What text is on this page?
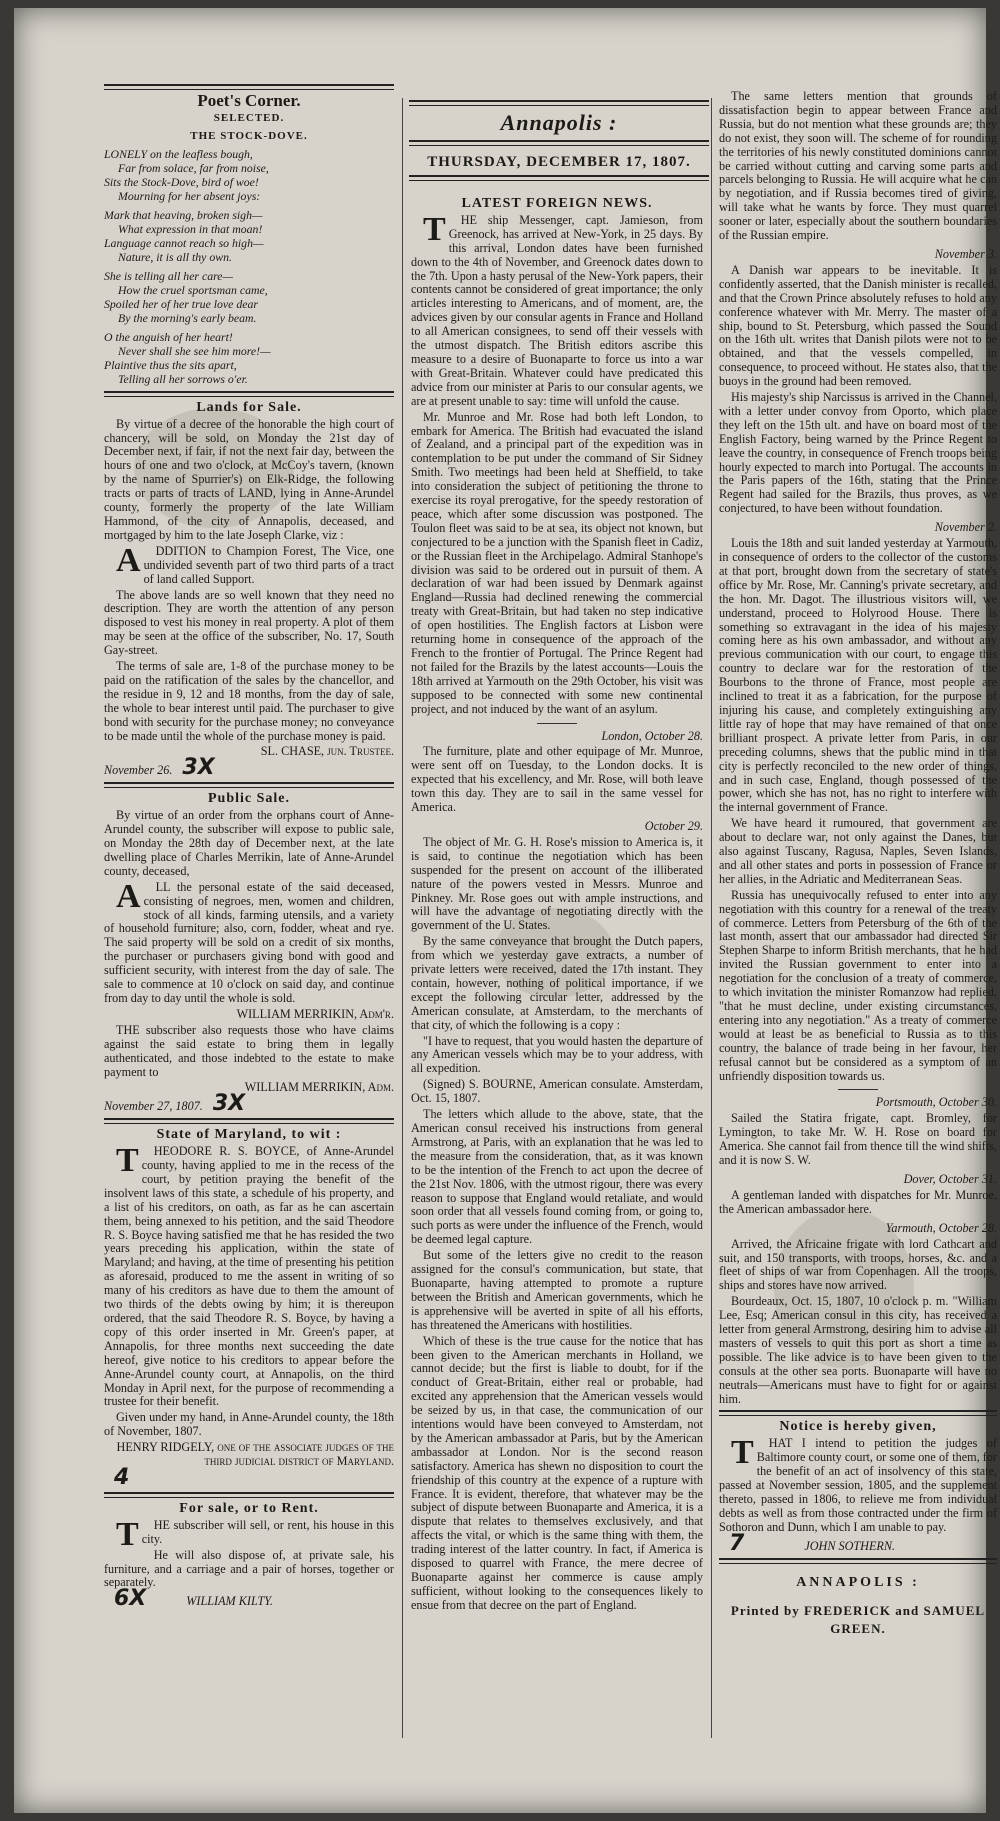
Poet's Corner.
SELECTED.
THE STOCK-DOVE.

LONELY on the leafless bough,

Far from solace, far from noise,

Sits the Stock-Dove, bird of woe!

Mourning for her absent joys:

Mark that heaving, broken sigh—

What expression in that moan!

Language cannot reach so high—

Nature, it is all thy own.

She is telling all her care—

How the cruel sportsman came,

Spoiled her of her true love dear

By the morning's early beam.

O the anguish of her heart!

Never shall she see him more!—

Plaintive thus the sits apart,

Telling all her sorrows o'er.

Lands for Sale.

By virtue of a decree of the honorable the high court of chancery, will be sold, on Monday the 21st day of December next, if fair, if not the next fair day, between the hours of one and two o'clock, at McCoy's tavern, (known by the name of Spurrier's) on Elk-Ridge, the following tracts or parts of tracts of LAND, lying in Anne-Arundel county, formerly the property of the late William Hammond, of the city of Annapolis, deceased, and mortgaged by him to the late Joseph Clarke, viz :

ADDITION to Champion Forest, The Vice, one undivided seventh part of two third parts of a tract of land called Support.

The above lands are so well known that they need no description. They are worth the attention of any person disposed to vest his money in real property. A plot of them may be seen at the office of the subscriber, No. 17, South Gay-street.

The terms of sale are, 1-8 of the purchase money to be paid on the ratification of the sales by the chancellor, and the residue in 9, 12 and 18 months, from the day of sale, the whole to bear interest until paid. The purchaser to give bond with security for the purchase money; no conveyance to be made until the whole of the purchase money is paid.

SL. CHASE, jun. Trustee.
November 26. 3X
Public Sale.

By virtue of an order from the orphans court of Anne-Arundel county, the subscriber will expose to public sale, on Monday the 28th day of December next, at the late dwelling place of Charles Merrikin, late of Anne-Arundel county, deceased,

ALL the personal estate of the said deceased, consisting of negroes, men, women and children, stock of all kinds, farming utensils, and a variety of household furniture; also, corn, fodder, wheat and rye. The said property will be sold on a credit of six months, the purchaser or purchasers giving bond with good and sufficient security, with interest from the day of sale. The sale to commence at 10 o'clock on said day, and continue from day to day until the whole is sold.

WILLIAM MERRIKIN, Adm'r.

THE subscriber also requests those who have claims against the said estate to bring them in legally authenticated, and those indebted to the estate to make payment to

WILLIAM MERRIKIN, Adm.
November 27, 1807. 3X
State of Maryland, to wit :

THEODORE R. S. BOYCE, of Anne-Arundel county, having applied to me in the recess of the court, by petition praying the benefit of the insolvent laws of this state, a schedule of his property, and a list of his creditors, on oath, as far as he can ascertain them, being annexed to his petition, and the said Theodore R. S. Boyce having satisfied me that he has resided the two years preceding his application, within the state of Maryland; and having, at the time of presenting his petition as aforesaid, produced to me the assent in writing of so many of his creditors as have due to them the amount of two thirds of the debts owing by him; it is thereupon ordered, that the said Theodore R. S. Boyce, by having a copy of this order inserted in Mr. Green's paper, at Annapolis, for three months next succeeding the date hereof, give notice to his creditors to appear before the Anne-Arundel county court, at Annapolis, on the third Monday in April next, for the purpose of recommending a trustee for their benefit.

Given under my hand, in Anne-Arundel county, the 18th of November, 1807.

HENRY RIDGELY, one of the associate judges of the third judicial district of Maryland.
4
For sale, or to Rent.

THE subscriber will sell, or rent, his house in this city.

He will also dispose of, at private sale, his furniture, and a carriage and a pair of horses, together or separately.

6X	WILLIAM KILTY.
Annapolis :
THURSDAY, DECEMBER 17, 1807.
LATEST FOREIGN NEWS.

THE ship Messenger, capt. Jamieson, from Greenock, has arrived at New-York, in 25 days. By this arrival, London dates have been furnished down to the 4th of November, and Greenock dates down to the 7th. Upon a hasty perusal of the New-York papers, their contents cannot be considered of great importance; the only articles interesting to Americans, and of moment, are, the advices given by our consular agents in France and Holland to all American consignees, to send off their vessels with the utmost dispatch. The British editors ascribe this measure to a desire of Buonaparte to force us into a war with Great-Britain. Whatever could have predicated this advice from our minister at Paris to our consular agents, we are at present unable to say: time will unfold the cause.

Mr. Munroe and Mr. Rose had both left London, to embark for America. The British had evacuated the island of Zealand, and a principal part of the expedition was in contemplation to be put under the command of Sir Sidney Smith. Two meetings had been held at Sheffield, to take into consideration the subject of petitioning the throne to exercise its royal prerogative, for the speedy restoration of peace, which after some discussion was postponed. The Toulon fleet was said to be at sea, its object not known, but conjectured to be a junction with the Spanish fleet in Cadiz, or the Russian fleet in the Archipelago. Admiral Stanhope's division was said to be ordered out in pursuit of them. A declaration of war had been issued by Denmark against England—Russia had declined renewing the commercial treaty with Great-Britain, but had taken no step indicative of open hostilities. The English factors at Lisbon were returning home in consequence of the approach of the French to the frontier of Portugal. The Prince Regent had not failed for the Brazils by the latest accounts—Louis the 18th arrived at Yarmouth on the 29th October, his visit was supposed to be connected with some new continental project, and not induced by the want of an asylum.

London, October 28.

The furniture, plate and other equipage of Mr. Munroe, were sent off on Tuesday, to the London docks. It is expected that his excellency, and Mr. Rose, will both leave town this day. They are to sail in the same vessel for America.

October 29.

The object of Mr. G. H. Rose's mission to America is, it is said, to continue the negotiation which has been suspended for the present on account of the illiberated nature of the powers vested in Messrs. Munroe and Pinkney. Mr. Rose goes out with ample instructions, and will have the advantage of negotiating directly with the government of the U. States.

By the same conveyance that brought the Dutch papers, from which we yesterday gave extracts, a number of private letters were received, dated the 17th instant. They contain, however, nothing of political importance, if we except the following circular letter, addressed by the American consulate, at Amsterdam, to the merchants of that city, of which the following is a copy :

"I have to request, that you would hasten the departure of any American vessels which may be to your address, with all expedition.

(Signed) S. BOURNE, American consulate. Amsterdam, Oct. 15, 1807.

The letters which allude to the above, state, that the American consul received his instructions from general Armstrong, at Paris, with an explanation that he was led to the measure from the consideration, that, as it was known to be the intention of the French to act upon the decree of the 21st Nov. 1806, with the utmost rigour, there was every reason to suppose that England would retaliate, and would soon order that all vessels found coming from, or going to, such ports as were under the influence of the French, would be deemed legal capture.

But some of the letters give no credit to the reason assigned for the consul's communication, but state, that Buonaparte, having attempted to promote a rupture between the British and American governments, which he is apprehensive will be averted in spite of all his efforts, has threatened the Americans with hostilities.

Which of these is the true cause for the notice that has been given to the American merchants in Holland, we cannot decide; but the first is liable to doubt, for if the conduct of Great-Britain, either real or probable, had excited any apprehension that the American vessels would be seized by us, in that case, the communication of our intentions would have been conveyed to Amsterdam, not by the American ambassador at Paris, but by the American ambassador at London. Nor is the second reason satisfactory. America has shewn no disposition to court the friendship of this country at the expence of a rupture with France. It is evident, therefore, that whatever may be the subject of dispute between Buonaparte and America, it is a dispute that relates to themselves exclusively, and that affects the vital, or which is the same thing with them, the trading interest of the latter country. In fact, if America is disposed to quarrel with France, the mere decree of Buonaparte against her commerce is cause amply sufficient, without looking to the consequences likely to ensue from that decree on the part of England.

The same letters mention that grounds of dissatisfaction begin to appear between France and Russia, but do not mention what these grounds are; they do not exist, they soon will. The scheme of for rounding the territories of his newly constituted dominions cannot be carried without cutting and carving some parts and parcels belonging to Russia. He will acquire what he can by negotiation, and if Russia becomes tired of giving, will take what he wants by force. They must quarrel sooner or later, especially about the southern boundaries of the Russian empire.

November 3.

A Danish war appears to be inevitable. It is confidently asserted, that the Danish minister is recalled, and that the Crown Prince absolutely refuses to hold any conference whatever with Mr. Merry. The master of a ship, bound to St. Petersburg, which passed the Sound on the 16th ult. writes that Danish pilots were not to be obtained, and that the vessels compelled, in consequence, to proceed without. He states also, that the buoys in the ground had been removed.

His majesty's ship Narcissus is arrived in the Channel, with a letter under convoy from Oporto, which place they left on the 15th ult. and have on board most of the English Factory, being warned by the Prince Regent to leave the country, in consequence of French troops being hourly expected to march into Portugal. The accounts in the Paris papers of the 16th, stating that the Prince Regent had sailed for the Brazils, thus proves, as we conjectured, to have been without foundation.

November 2.

Louis the 18th and suit landed yesterday at Yarmouth, in consequence of orders to the collector of the customs at that port, brought down from the secretary of state's office by Mr. Rose, Mr. Canning's private secretary, and the hon. Mr. Dagot. The illustrious visitors will, we understand, proceed to Holyrood House. There is something so extravagant in the idea of his majesty coming here as his own ambassador, and without any previous communication with our court, to engage this country to declare war for the restoration of the Bourbons to the throne of France, most people are inclined to treat it as a fabrication, for the purpose of injuring his cause, and completely extinguishing any little ray of hope that may have remained of that once brilliant prospect. A private letter from Paris, in our preceding columns, shews that the public mind in that city is perfectly reconciled to the new order of things, and in such case, England, though possessed of the power, which she has not, has no right to interfere with the internal government of France.

We have heard it rumoured, that government are about to declare war, not only against the Danes, but also against Tuscany, Ragusa, Naples, Seven Islands, and all other states and ports in possession of France or her allies, in the Adriatic and Mediterranean Seas.

Russia has unequivocally refused to enter into any negotiation with this country for a renewal of the treaty of commerce. Letters from Petersburg of the 6th of the last month, assert that our ambassador had directed Sir Stephen Sharpe to inform British merchants, that he had invited the Russian government to enter into a negotiation for the conclusion of a treaty of commerce, to which invitation the minister Romanzow had replied, "that he must decline, under existing circumstances, entering into any negotiation." As a treaty of commerce would at least be as beneficial to Russia as to this country, the balance of trade being in her favour, her refusal cannot but be considered as a symptom of an unfriendly disposition towards us.

Portsmouth, October 30.

Sailed the Statira frigate, capt. Bromley, for Lymington, to take Mr. W. H. Rose on board for America. She cannot fail from thence till the wind shifts, and it is now S. W.

Dover, October 31.

A gentleman landed with dispatches for Mr. Munroe, the American ambassador here.

Yarmouth, October 28.

Arrived, the Africaine frigate with lord Cathcart and suit, and 150 transports, with troops, horses, &c. and a fleet of ships of war from Copenhagen. All the troops, ships and stores have now arrived.

Bourdeaux, Oct. 15, 1807, 10 o'clock p. m. "William Lee, Esq; American consul in this city, has received a letter from general Armstrong, desiring him to advise all masters of vessels to quit this port as short a time as possible. The like advice is to have been given to the consuls at the other sea ports. Buonaparte will have no neutrals—Americans must have to fight for or against him.

Notice is hereby given,

THAT I intend to petition the judges of Baltimore county court, or some one of them, for the benefit of an act of insolvency of this state, passed at November session, 1805, and the supplement thereto, passed in 1806, to relieve me from individual debts as well as from those contracted under the firm of Sothoron and Dunn, which I am unable to pay.

7	JOHN SOTHERN.
ANNAPOLIS :
Printed by FREDERICK and SAMUEL GREEN.
